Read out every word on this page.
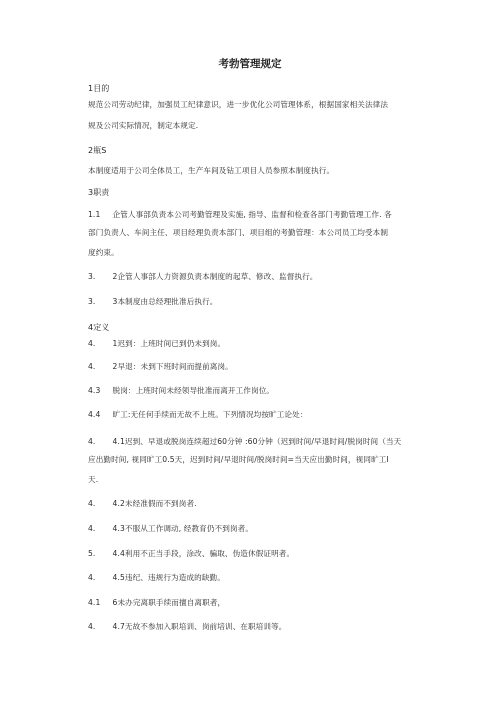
考勃管理规定
1目的
规范公司劳动纪律，加强员工纪律意识，进一步优化公司管理体系，根据国家相关法律法
规及公司实际情况，制定本规定.
2瓶S
本制度适用于公司全体员工，生产车间及钻工项目人员参照本制度执行。
3职责
1.1 企管人事部负责本公司考勤管理及实施, 指导、监督和检查各部门考勤管理工作. 各
部门负责人、车间主任、项目经理负责本部门、项目组的考勤管理：本公司员工均受本制
度约束。
3. 2企管人事部人力资源负责本制度的起草、修改、监督执行。
3. 3本制度由总经理批准后执行。
4定义
4. 1迟到：上班时间已到仍未到岗。
4. 2早退：未到下班时间而提前离岗。
4.3 脱岗：上班时间未经领导批准而离开工作岗位。
4.4 旷工:无任何手续而无故不上班。下列情况均按旷工论处：
4. 4.1迟到、早退或脱岗连续超过60分钟 :60分钟（迟到时间/早退时间/脱岗时间（当天
应出勤时间, 视同旷工0.5天，迟到时间/早退时间/脱岗时间=当天应出勤时间，视同旷工I
天.
4. 4.2未经准假而不到岗者.
4. 4.3不服从工作调动, 经教育仍不到岗者。
5. 4.4利用不正当手段，涂改、骗取、伪造休假证明者。
4. 4.5违纪、违规行为造成的缺勤。
4.1 6未办完离职手续而擅自离职者，
4. 4.7无故不参加入职培训、岗前培训、在职培训等。
